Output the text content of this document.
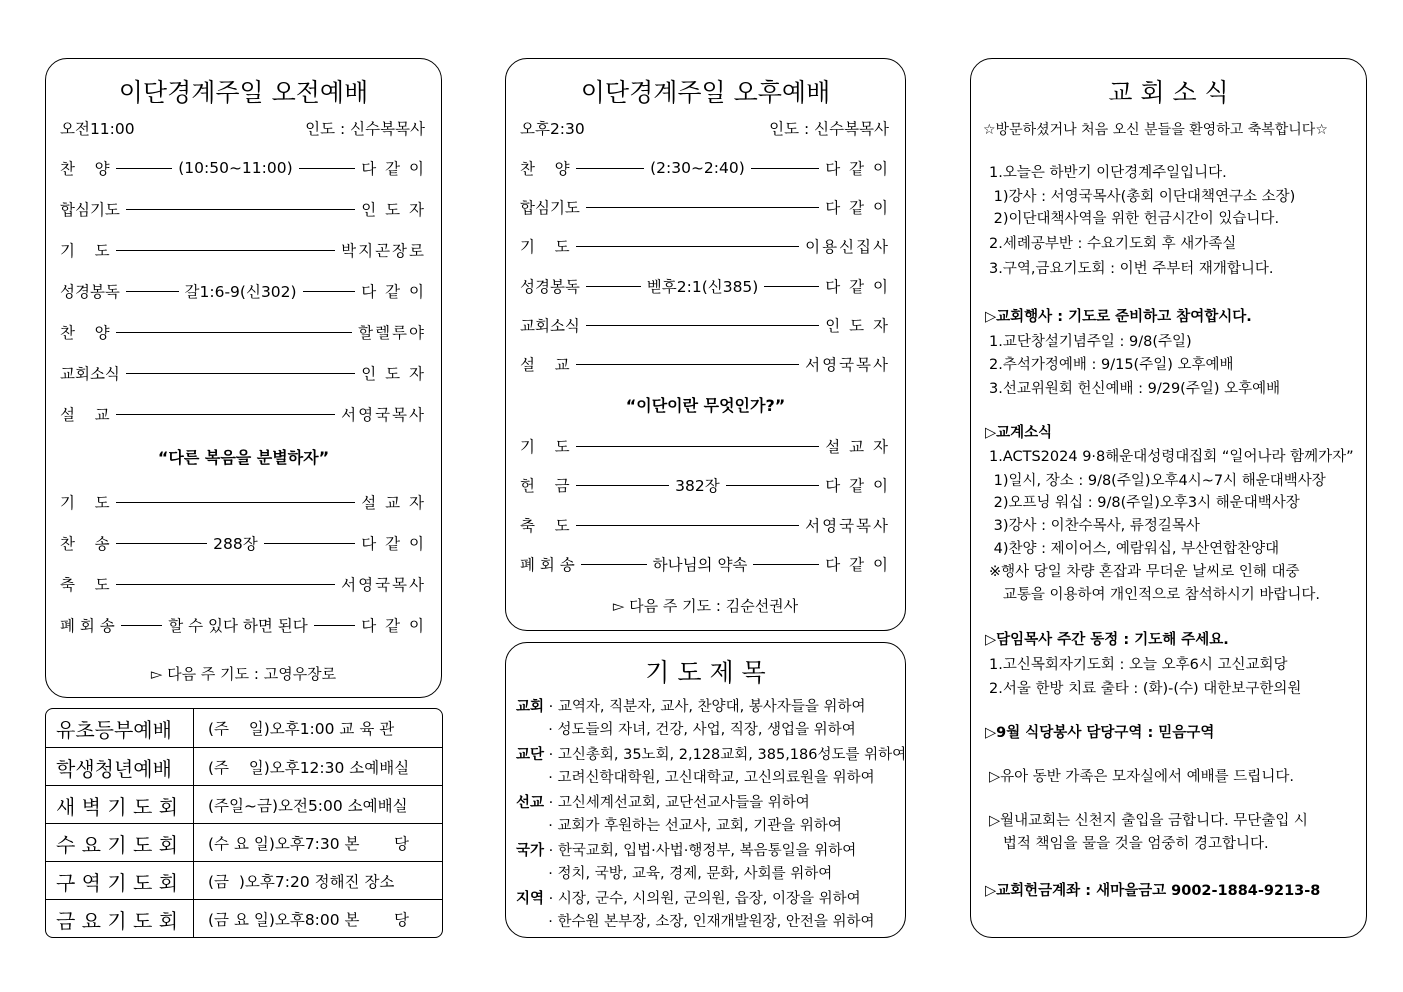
이단경계주일 오전예배
오전11:00	인도 : 신수복목사
찬    양	(10:50~11:00)	다 같 이
합심기도	인 도 자
기    도	박지곤장로
성경봉독	갈1:6-9(신302)	다 같 이
찬    양	할렐루야
교회소식	인 도 자
설    교	서영국목사
“다른 복음을 분별하자”
기    도	설 교 자
찬    송	288장	다 같 이
축    도	서영국목사
폐 회 송	할 수 있다 하면 된다	다 같 이
▻ 다음 주 기도 : 고영우장로
이단경계주일 오후예배
오후2:30	인도 : 신수복목사
찬    양	(2:30~2:40)	다 같 이
합심기도	다 같 이
기    도	이용신집사
성경봉독	벧후2:1(신385)	다 같 이
교회소식	인 도 자
설    교	서영국목사
“이단이란 무엇인가?”
기    도	설 교 자
헌    금	382장	다 같 이
축    도	서영국목사
폐 회 송	하나님의 약속	다 같 이
▻ 다음 주 기도 : 김순선권사
유초등부예배	(주    일)오후1:00 교 육 관
학생청년예배	(주    일)오후12:30 소예배실
새 벽 기 도 회	(주일~금)오전5:00 소예배실
수 요 기 도 회	(수 요 일)오후7:30 본       당
구 역 기 도 회	(금  )오후7:20 정해진 장소
금 요 기 도 회	(금 요 일)오후8:00 본       당
기 도 제 목
교회 · 교역자, 직분자, 교사, 찬양대, 봉사자들을 위하여
· 성도들의 자녀, 건강, 사업, 직장, 생업을 위하여
교단 · 고신총회, 35노회, 2,128교회, 385,186성도를 위하여
· 고려신학대학원, 고신대학교, 고신의료원을 위하여
선교 · 고신세계선교회, 교단선교사들을 위하여
· 교회가 후원하는 선교사, 교회, 기관을 위하여
국가 · 한국교회, 입법·사법·행정부, 복음통일을 위하여
· 정치, 국방, 교육, 경제, 문화, 사회를 위하여
지역 · 시장, 군수, 시의원, 군의원, 읍장, 이장을 위하여
· 한수원 본부장, 소장, 인재개발원장, 안전을 위하여
교 회 소 식
☆방문하셨거나 처음 오신 분들을 환영하고 축복합니다☆
1.오늘은 하반기 이단경계주일입니다.
1)강사 : 서영국목사(총회 이단대책연구소 소장)
2)이단대책사역을 위한 헌금시간이 있습니다.
2.세례공부반 : 수요기도회 후 새가족실
3.구역,금요기도회 : 이번 주부터 재개합니다.
▷교회행사 : 기도로 준비하고 참여합시다.
1.교단창설기념주일 : 9/8(주일)
2.추석가정예배 : 9/15(주일) 오후예배
3.선교위원회 헌신예배 : 9/29(주일) 오후예배
▷교계소식
1.ACTS2024 9·8해운대성령대집회 “일어나라 함께가자”
1)일시, 장소 : 9/8(주일)오후4시~7시 해운대백사장
2)오프닝 워십 : 9/8(주일)오후3시 해운대백사장
3)강사 : 이찬수목사, 류정길목사
4)찬양 : 제이어스, 예람워십, 부산연합찬양대
※행사 당일 차량 혼잡과 무더운 날씨로 인해 대중
교통을 이용하여 개인적으로 참석하시기 바랍니다.
▷담임목사 주간 동정 : 기도해 주세요.
1.고신목회자기도회 : 오늘 오후6시 고신교회당
2.서울 한방 치료 출타 : (화)-(수) 대한보구한의원
▷9월 식당봉사 담당구역 : 믿음구역
▷유아 동반 가족은 모자실에서 예배를 드립니다.
▷월내교회는 신천지 출입을 금합니다. 무단출입 시
법적 책임을 물을 것을 엄중히 경고합니다.
▷교회헌금계좌 : 새마을금고 9002-1884-9213-8
